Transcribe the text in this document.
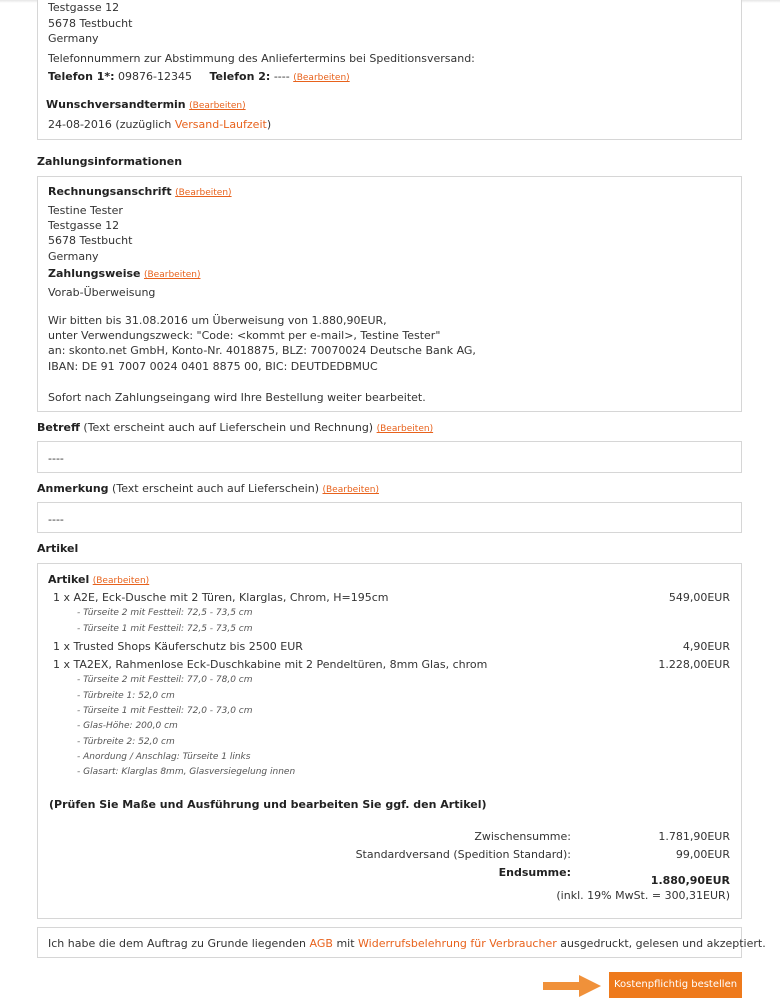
Testgasse 12
5678 Testbucht
Germany
Telefonnummern zur Abstimmung des Anliefertermins bei Speditionsversand:
Telefon 1*: 09876-12345 Telefon 2: ---- (Bearbeiten)
Wunschversandtermin (Bearbeiten)
24-08-2016 (zuzüglich Versand-Laufzeit)
Zahlungsinformationen
Rechnungsanschrift (Bearbeiten)
Testine Tester
Testgasse 12
5678 Testbucht
Germany
Zahlungsweise (Bearbeiten)
Vorab-Überweisung
Wir bitten bis 31.08.2016 um Überweisung von 1.880,90EUR,
unter Verwendungszweck: "Code: <kommt per e-mail>, Testine Tester"
an: skonto.net GmbH, Konto-Nr. 4018875, BLZ: 70070024 Deutsche Bank AG,
IBAN: DE 91 7007 0024 0401 8875 00, BIC: DEUTDEDBMUC
Sofort nach Zahlungseingang wird Ihre Bestellung weiter bearbeitet.
Betreff (Text erscheint auch auf Lieferschein und Rechnung) (Bearbeiten)
----
Anmerkung (Text erscheint auch auf Lieferschein) (Bearbeiten)
----
Artikel
Artikel (Bearbeiten)
1 x A2E, Eck-Dusche mit 2 Türen, Klarglas, Chrom, H=195cm	549,00EUR
- Türseite 2 mit Festteil: 72,5 - 73,5 cm
- Türseite 1 mit Festteil: 72,5 - 73,5 cm
1 x Trusted Shops Käuferschutz bis 2500 EUR	4,90EUR
1 x TA2EX, Rahmenlose Eck-Duschkabine mit 2 Pendeltüren, 8mm Glas, chrom	1.228,00EUR
- Türseite 2 mit Festteil: 77,0 - 78,0 cm
- Türbreite 1: 52,0 cm
- Türseite 1 mit Festteil: 72,0 - 73,0 cm
- Glas-Höhe: 200,0 cm
- Türbreite 2: 52,0 cm
- Anordung / Anschlag: Türseite 1 links
- Glasart: Klarglas 8mm, Glasversiegelung innen
(Prüfen Sie Maße und Ausführung und bearbeiten Sie ggf. den Artikel)
Zwischensumme:	1.781,90EUR
Standardversand (Spedition Standard):	99,00EUR
Endsumme:
1.880,90EUR
(inkl. 19% MwSt. = 300,31EUR)
Ich habe die dem Auftrag zu Grunde liegenden AGB mit Widerrufsbelehrung für Verbraucher ausgedruckt, gelesen und akzeptiert.
Kostenpflichtig bestellen
